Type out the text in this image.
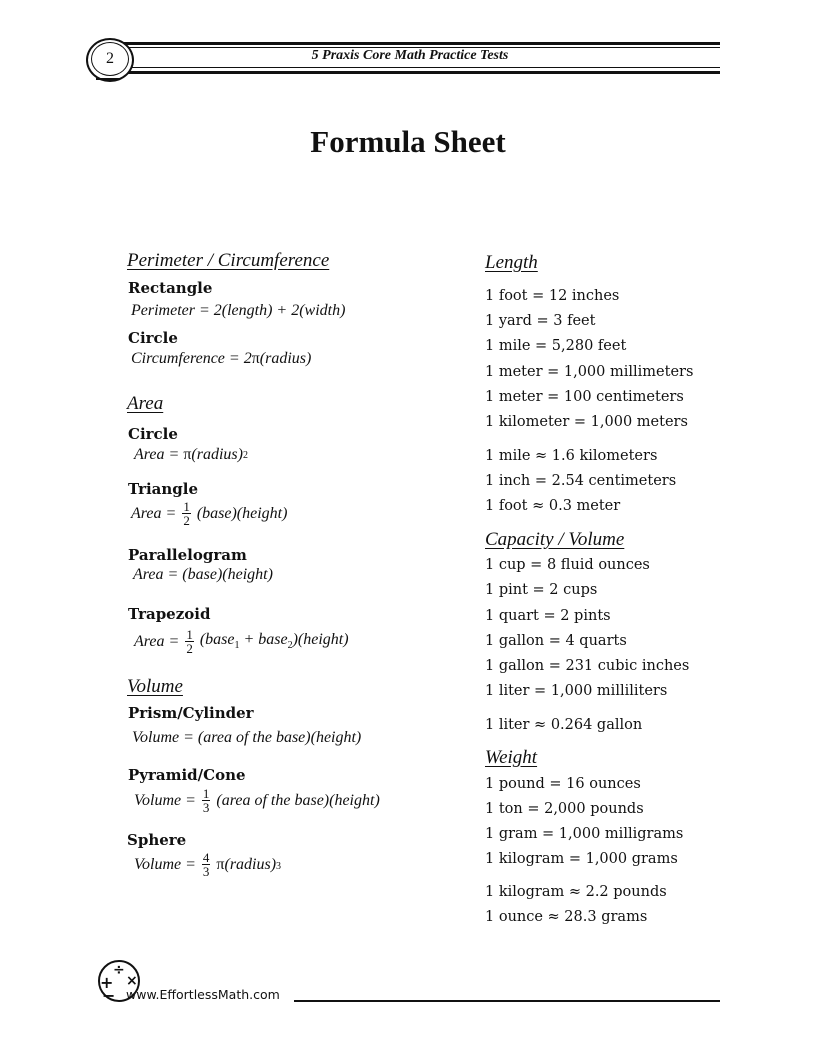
5 Praxis Core Math Practice Tests
2
Formula Sheet
Perimeter / Circumference
Rectangle
Perimeter = 2(length) + 2(width)
Circle
Circumference = 2 π (radius)
Area
Circle
Area =
π (radius) 2
Triangle
Area = $\frac{1}{2}$ (base)(height)
Parallelogram
Area = (base)(height)
Trapezoid
Area = $\frac{1}{2}$ (base$_1$ + base$_2$)(height)
Volume
Prism/Cylinder
Volume = (area of the base)(height)
Pyramid/Cone
Volume = $\frac{1}{3}$ (area of the base)(height)
Sphere
Volume = $\frac{4}{3}$ π (radius) 3
Length
1 foot = 12 inches
1 yard = 3 feet
1 mile = 5,280 feet
1 meter = 1,000 millimeters
1 meter = 100 centimeters
1 kilometer = 1,000 meters
1 mile ≈ 1.6 kilometers
1 inch = 2.54 centimeters
1 foot ≈ 0.3 meter
Capacity / Volume
1 cup = 8 fluid ounces
1 pint = 2 cups
1 quart = 2 pints
1 gallon = 4 quarts
1 gallon = 231 cubic inches
1 liter = 1,000 milliliters
1 liter ≈ 0.264 gallon
Weight
1 pound = 16 ounces
1 ton = 2,000 pounds
1 gram = 1,000 milligrams
1 kilogram = 1,000 grams
1 kilogram ≈ 2.2 pounds
1 ounce ≈ 28.3 grams
+
÷
×
− www.EffortlessMath.com
